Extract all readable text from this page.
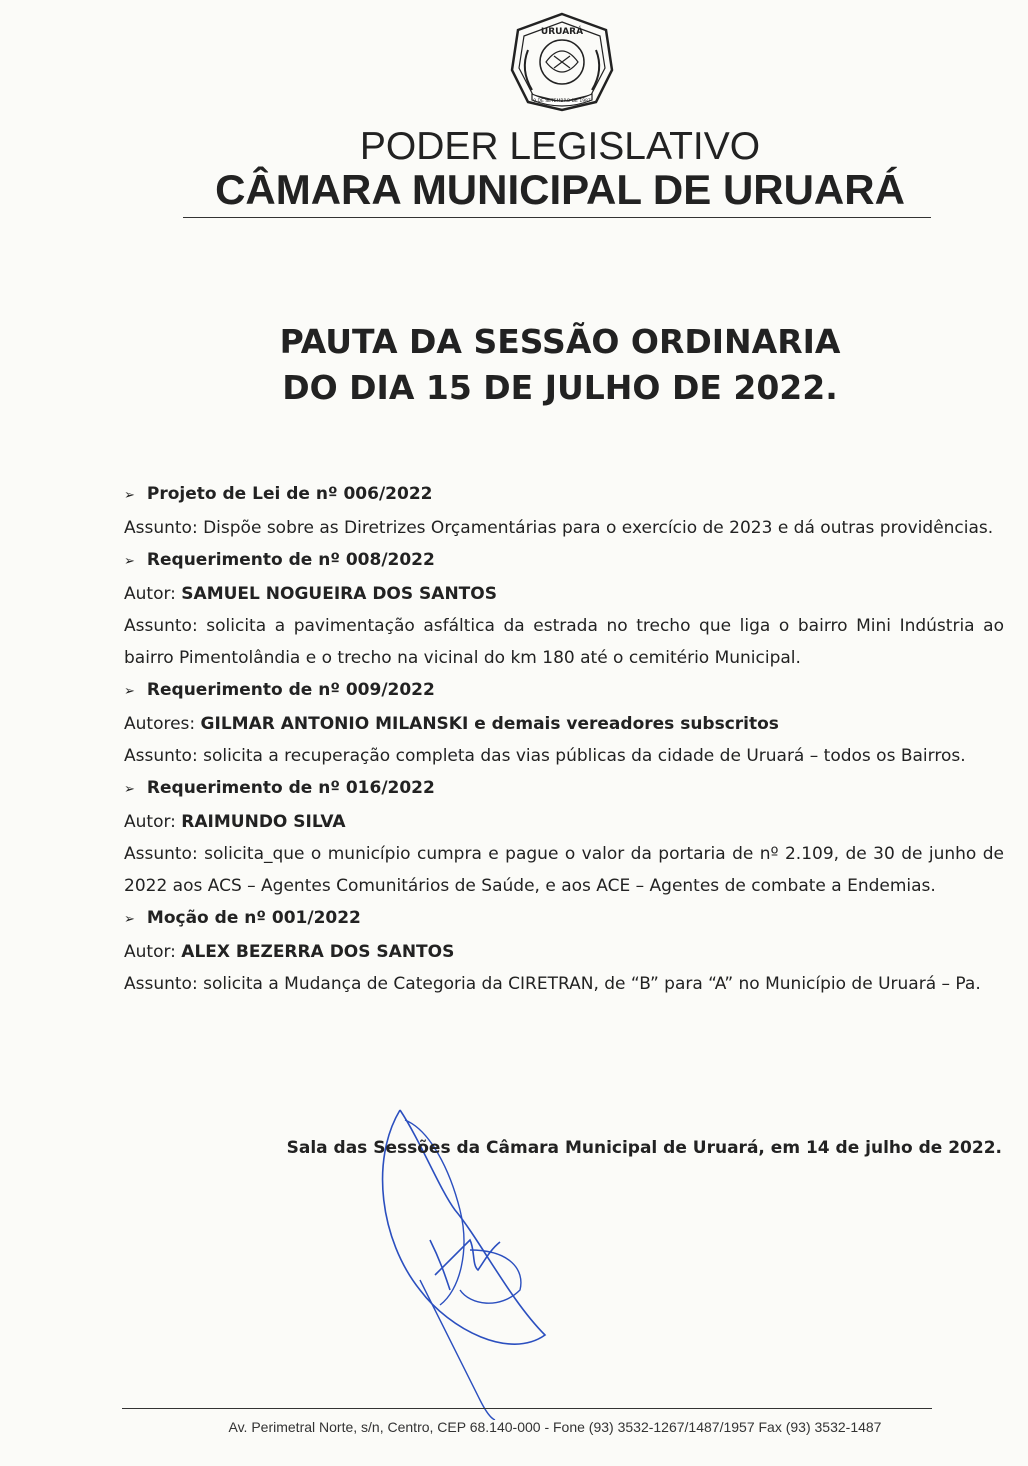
URUARÁ
9 DE SETEMBRO DE 1987
PODER LEGISLATIVO
CÂMARA MUNICIPAL DE URUARÁ
PAUTA DA SESSÃO ORDINARIA
DO DIA 15 DE JULHO DE 2022.
➢ Projeto de Lei de nº 006/2022
Assunto: Dispõe sobre as Diretrizes Orçamentárias para o exercício de 2023 e dá outras providências.
➢ Requerimento de nº 008/2022
Autor: SAMUEL NOGUEIRA DOS SANTOS
Assunto: solicita a pavimentação asfáltica da estrada no trecho que liga o bairro Mini Indústria ao bairro Pimentolândia e o trecho na vicinal do km 180 até o cemitério Municipal.
➢ Requerimento de nº 009/2022
Autores: GILMAR ANTONIO MILANSKI e demais vereadores subscritos
Assunto: solicita a recuperação completa das vias públicas da cidade de Uruará – todos os Bairros.
➢ Requerimento de nº 016/2022
Autor: RAIMUNDO SILVA
Assunto: solicita_que o município cumpra e pague o valor da portaria de nº 2.109, de 30 de junho de 2022 aos ACS – Agentes Comunitários de Saúde, e aos ACE – Agentes de combate a Endemias.
➢ Moção de nº 001/2022
Autor: ALEX BEZERRA DOS SANTOS
Assunto: solicita a Mudança de Categoria da CIRETRAN, de “B” para “A” no Município de Uruará – Pa.
Sala das Sessões da Câmara Municipal de Uruará, em 14 de julho de 2022.
Av. Perimetral Norte, s/n, Centro, CEP 68.140-000 - Fone (93) 3532-1267/1487/1957 Fax (93) 3532-1487
